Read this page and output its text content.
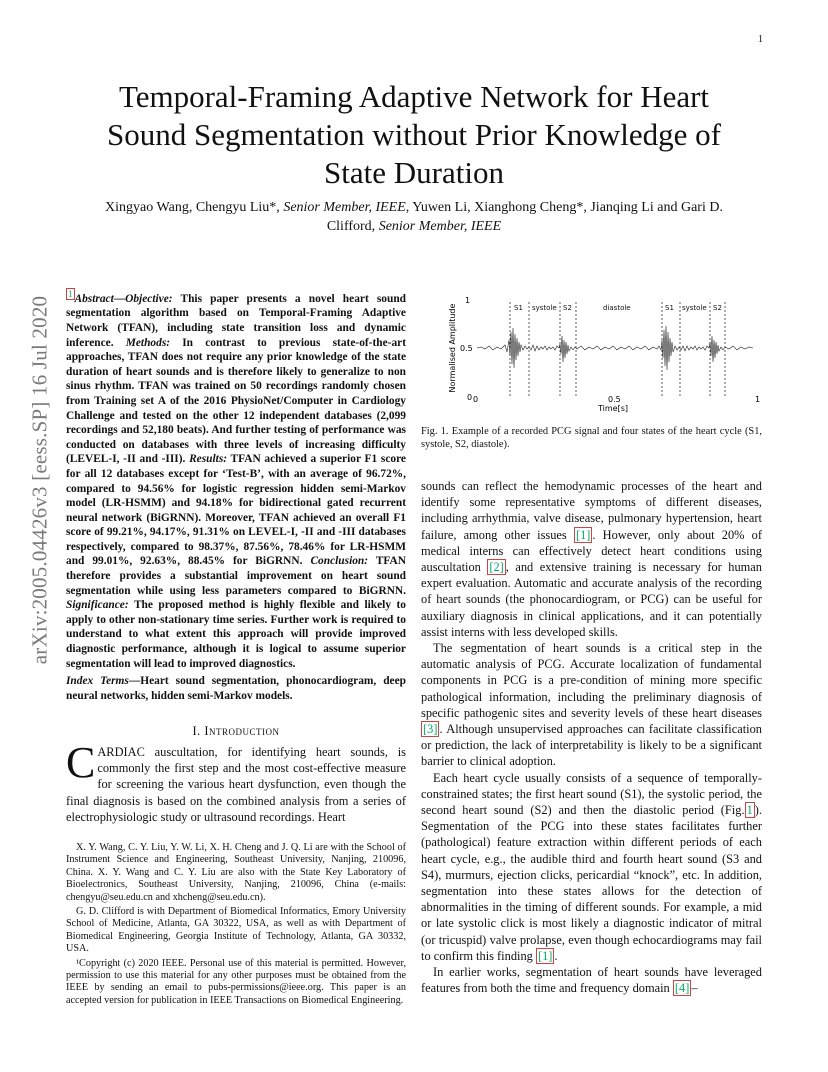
1
arXiv:2005.04426v3 [eess.SP] 16 Jul 2020
Temporal-Framing Adaptive Network for Heart Sound Segmentation without Prior Knowledge of State Duration
Xingyao Wang, Chengyu Liu*, Senior Member, IEEE, Yuwen Li, Xianghong Cheng*, Jianqing Li and Gari D.
Clifford, Senior Member, IEEE
$^1$ Abstract—Objective: This paper presents a novel heart sound segmentation algorithm based on Temporal-Framing Adaptive Network (TFAN), including state transition loss and dynamic inference. Methods: In contrast to previous state-of-the-art approaches, TFAN does not require any prior knowledge of the state duration of heart sounds and is therefore likely to generalize to non sinus rhythm. TFAN was trained on 50 recordings randomly chosen from Training set A of the 2016 PhysioNet/Computer in Cardiology Challenge and tested on the other 12 independent databases (2,099 recordings and 52,180 beats). And further testing of performance was conducted on databases with three levels of increasing difficulty (LEVEL-I, -II and -III). Results: TFAN achieved a superior F1 score for all 12 databases except for ‘Test-B’, with an average of 96.72%, compared to 94.56% for logistic regression hidden semi-Markov model (LR-HSMM) and 94.18% for bidirectional gated recurrent neural network (BiGRNN). Moreover, TFAN achieved an overall F1 score of 99.21%, 94.17%, 91.31% on LEVEL-I, -II and -III databases respectively, compared to 98.37%, 87.56%, 78.46% for LR-HSMM and 99.01%, 92.63%, 88.45% for BiGRNN. Conclusion: TFAN therefore provides a substantial improvement on heart sound segmentation while using less parameters compared to BiGRNN. Significance: The proposed method is highly flexible and likely to apply to other non-stationary time series. Further work is required to understand to what extent this approach will provide improved diagnostic performance, although it is logical to assume superior segmentation will lead to improved diagnostics.
Index Terms—Heart sound segmentation, phonocardiogram, deep neural networks, hidden semi-Markov models.
I. Introduction
CARDIAC auscultation, for identifying heart sounds, is commonly the first step and the most cost-effective measure for screening the various heart dysfunction, even though the final diagnosis is based on the combined analysis from a series of electrophysiologic study or ultrasound recordings. Heart

X. Y. Wang, C. Y. Liu, Y. W. Li, X. H. Cheng and J. Q. Li are with the School of Instrument Science and Engineering, Southeast University, Nanjing, 210096, China. X. Y. Wang and C. Y. Liu are also with the State Key Laboratory of Bioelectronics, Southeast University, Nanjing, 210096, China (e-mails: chengyu@seu.edu.cn and xhcheng@seu.edu.cn).

G. D. Clifford is with Department of Biomedical Informatics, Emory University School of Medicine, Atlanta, GA 30322, USA, as well as with Department of Biomedical Engineering, Georgia Institute of Technology, Atlanta, GA 30332, USA.

¹Copyright (c) 2020 IEEE. Personal use of this material is permitted. However, permission to use this material for any other purposes must be obtained from the IEEE by sending an email to pubs-permissions@ieee.org. This paper is an accepted version for publication in IEEE Transactions on Biomedical Engineering.

Normalised Amplitude
0
0.5
1
0	0.5	1
Time[s]
S1 systole S2	diastole	S1 systole S2
Fig. 1. Example of a recorded PCG signal and four states of the heart cycle (S1, systole, S2, diastole).

sounds can reflect the hemodynamic processes of the heart and identify some representative symptoms of different diseases, including arrhythmia, valve disease, pulmonary hypertension, heart failure, among other issues [1] . However, only about 20% of medical interns can effectively detect heart conditions using auscultation [2] , and extensive training is necessary for human expert evaluation. Automatic and accurate analysis of the recording of heart sounds (the phonocardiogram, or PCG) can be useful for auxiliary diagnosis in clinical applications, and it can potentially assist interns with less developed skills.

The segmentation of heart sounds is a critical step in the automatic analysis of PCG. Accurate localization of fundamental components in PCG is a pre-condition of mining more specific pathological information, including the preliminary diagnosis of specific pathogenic sites and severity levels of these heart diseases [3] . Although unsupervised approaches can facilitate classification or prediction, the lack of interpretability is likely to be a significant barrier to clinical adoption.

Each heart cycle usually consists of a sequence of temporally-constrained states; the first heart sound (S1), the systolic period, the second heart sound (S2) and then the diastolic period (Fig. 1 ). Segmentation of the PCG into these states facilitates further (pathological) feature extraction within different periods of each heart cycle, e.g., the audible third and fourth heart sound (S3 and S4), murmurs, ejection clicks, pericardial “knock”, etc. In addition, segmentation into these states allows for the detection of abnormalities in the timing of different sounds. For example, a mid or late systolic click is most likely a diagnostic indicator of mitral (or tricuspid) valve prolapse, even though echocardiograms may fail to confirm this finding [1] .

In earlier works, segmentation of heart sounds have leveraged features from both the time and frequency domain [4] –
